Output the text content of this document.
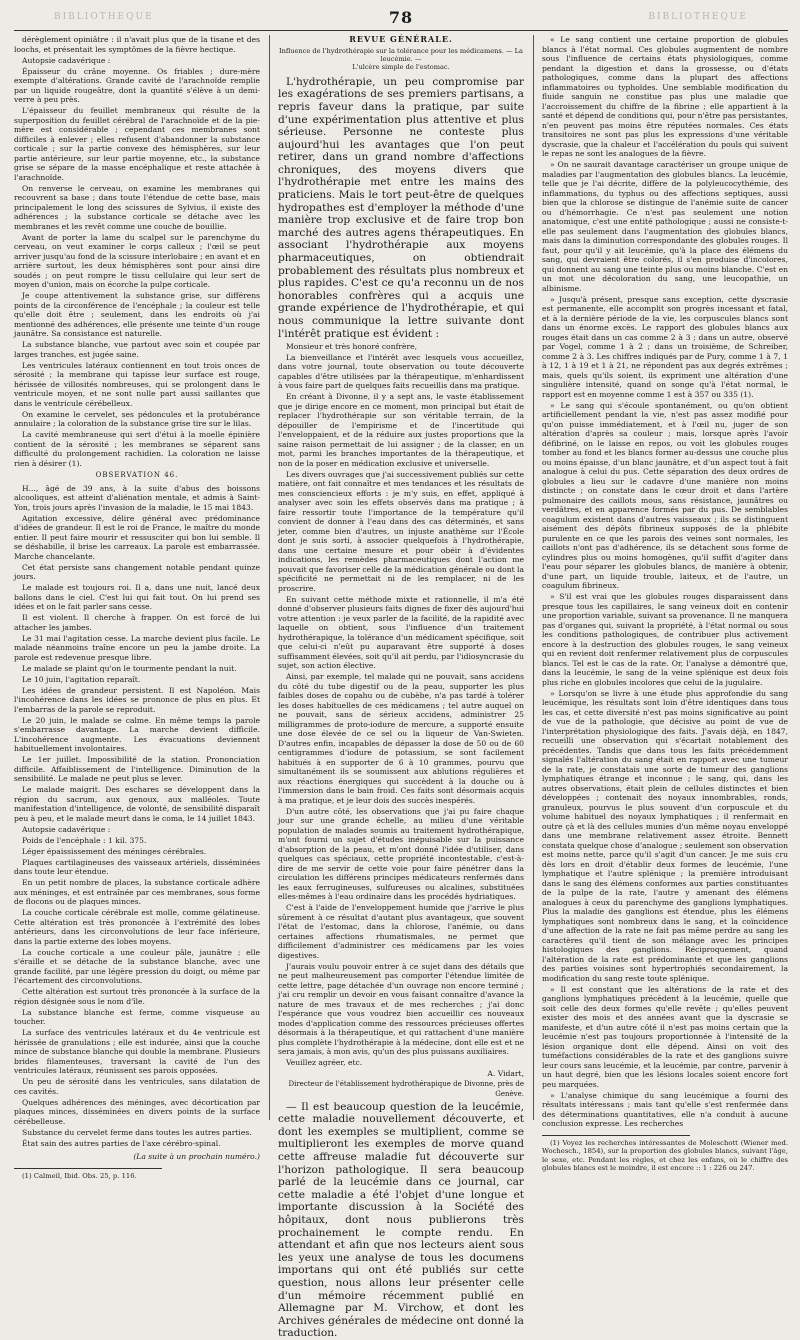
BIBLIOTHEQUE	78	BIBLIOTHEQUE

dérèglement opiniâtre : il n'avait plus que de la tisane et des loochs, et présentait les symptômes de la fièvre hectique.

Autopsie cadavérique :

Épaisseur du crâne moyenne. Os friables ; dure-mère exempte d'altérations. Grande cavité de l'arachnoïde remplie par un liquide rougeâtre, dont la quantité s'élève à un demi-verre à peu près.

L'épaisseur du feuillet membraneux qui résulte de la superposition du feuillet cérébral de l'arachnoïde et de la pie-mère est considérable ; cependant ces membranes sont difficiles à enlever ; elles refusent d'abandonner la substance corticale ; sur la partie convexe des hémisphères, sur leur partie antérieure, sur leur partie moyenne, etc., la substance grise se sépare de la masse encéphalique et reste attachée à l'arachnoïde.

On renverse le cerveau, on examine les membranes qui recouvrent sa base ; dans toute l'étendue de cette base, mais principalement le long des scissures de Sylvius, il existe des adhérences ; la substance corticale se détache avec les membranes et les revêt comme une couche de bouillie.

Avant de porter la lame du scalpel sur le parenchyme du cerveau, on veut examiner le corps calleux ; l'œil se peut arriver jusqu'au fond de la scissure interlobaire ; en avant et en arrière surtout, les deux hémisphères sont pour ainsi dire soudés ; on peut rompre le tissu cellulaire qui leur sert de moyen d'union, mais on écorche la pulpe corticale.

Je coupe attentivement la substance grise, sur différens points de la circonférence de l'encéphale ; la couleur est telle qu'elle doit être ; seulement, dans les endroits où j'ai mentionné des adhérences, elle présente une teinte d'un rouge jaunâtre. Sa consistance est naturelle.

La substance blanche, vue partout avec soin et coupée par larges tranches, est jugée saine.

Les ventricules latéraux contiennent en tout trois onces de sérosité ; la membrane qui tapisse leur surface est rouge, hérissée de villosités nombreuses, qui se prolongent dans le ventricule moyen, et ne sont nulle part aussi saillantes que dans le ventricule cérébelleux.

On examine le cervelet, ses pédoncules et la protubérance annulaire ; la coloration de la substance grise tire sur le lilas.

La cavité membraneuse qui sert d'étui à la moelle épinière contient de la sérosité ; les membranes se séparent sans difficulté du prolongement rachidien. La coloration ne laisse rien à désirer (1).

OBSERVATION 46.

H..., âgé de 39 ans, à la suite d'abus des boissons alcooliques, est atteint d'aliénation mentale, et admis à Saint-Yon, trois jours après l'invasion de la maladie, le 15 mai 1843.

Agitation excessive, délire général avec prédominance d'idées de grandeur. Il est le roi de France, le maître du monde entier. Il peut faire mourir et ressusciter qui bon lui semble. Il se déshabille, il brise les carreaux. La parole est embarrassée. Marche chancelante.

Cet état persiste sans changement notable pendant quinze jours.

Le malade est toujours roi. Il a, dans une nuit, lancé deux ballons dans le ciel. C'est lui qui fait tout. On lui prend ses idées et on le fait parler sans cesse.

Il est violent. Il cherche à frapper. On est forcé de lui attacher les jambes.

Le 31 mai l'agitation cesse. La marche devient plus facile. Le malade néanmoins traîne encore un peu la jambe droite. La parole est redevenue presque libre.

Le malade se plaint qu'on le tourmente pendant la nuit.

Le 10 juin, l'agitation reparaît.

Les idées de grandeur persistent. Il est Napoléon. Mais l'incohérence dans les idées se prononce de plus en plus. Et l'embarras de la parole se reproduit.

Le 20 juin, le malade se calme. En même temps la parole s'embarrasse davantage. La marche devient difficile. L'incohérence augmente. Les évacuations deviennent habituellement involontaires.

Le 1er juillet. Impossibilité de la station. Prononciation difficile. Affaiblissement de l'intelligence. Diminution de la sensibilité. Le malade ne peut plus se lever.

Le malade maigrit. Des eschares se développent dans la région du sacrum, aux genoux, aux malléoles. Toute manifestation d'intelligence, de volonté, de sensibilité disparaît peu à peu, et le malade meurt dans le coma, le 14 juillet 1843.

Autopsie cadavérique :

Poids de l'encéphale : 1 kil. 375.

Léger épaississement des méninges cérébrales.

Plaques cartilagineuses des vaisseaux artériels, disséminées dans toute leur étendue.

En un petit nombre de places, la substance corticale adhère aux méninges, et est entraînée par ces membranes, sous forme de flocons ou de plaques minces.

La couche corticale cérébrale est molle, comme gélatineuse. Cette altération est très prononcée à l'extrémité des lobes antérieurs, dans les circonvolutions de leur face inférieure, dans la partie externe des lobes moyens.

La couche corticale a une couleur pâle, jaunâtre ; elle s'éraille et se détache de la substance blanche, avec une grande facilité, par une légère pression du doigt, ou même par l'écartement des circonvolutions.

Cette altération est surtout très prononcée à la surface de la région désignée sous le nom d'île.

La substance blanche est ferme, comme visqueuse au toucher.

La surface des ventricules latéraux et du 4e ventricule est hérissée de granulations ; elle est indurée, ainsi que la couche mince de substance blanche qui double la membrane. Plusieurs brides filamenteuses, traversant la cavité de l'un des ventricules latéraux, réunissent ses parois opposées.

Un peu de sérosité dans les ventricules, sans dilatation de ces cavités.

Quelques adhérences des méninges, avec décortication par plaques minces, disséminées en divers points de la surface cérébelleuse.

Substance du cervelet ferme dans toutes les autres parties.

État sain des autres parties de l'axe cérébro-spinal.

(La suite à un prochain numéro.)

(1) Calmeil, Ibid. Obs. 25, p. 116.

REVUE GÉNÉRALE.
Influence de l'hydrothérapie sur la tolérance pour les médicamens. — La leucémie. —
L'ulcère simple de l'estomac.

L'hydrothérapie, un peu compromise par les exagérations de ses premiers partisans, a repris faveur dans la pratique, par suite d'une expérimentation plus attentive et plus sérieuse. Personne ne conteste plus aujourd'hui les avantages que l'on peut retirer, dans un grand nombre d'affections chroniques, des moyens divers que l'hydrothérapie met entre les mains des praticiens. Mais le tort peut-être de quelques hydropathes est d'employer la méthode d'une manière trop exclusive et de faire trop bon marché des autres agens thérapeutiques. En associant l'hydrothérapie aux moyens pharmaceutiques, on obtiendrait probablement des résultats plus nombreux et plus rapides. C'est ce qu'a reconnu un de nos honorables confrères qui a acquis une grande expérience de l'hydrothérapie, et qui nous communique la lettre suivante dont l'intérêt pratique est évident :

Monsieur et très honoré confrère,

La bienveillance et l'intérêt avec lesquels vous accueillez, dans votre journal, toute observation ou toute découverte capables d'être utilisées par la thérapeutique, m'enhardissent à vous faire part de quelques faits recueillis dans ma pratique.

En créant à Divonne, il y a sept ans, le vaste établissement que je dirige encore en ce moment, mon principal but était de replacer l'hydrothérapie sur son véritable terrain, de la dépouiller de l'empirisme et de l'incertitude qui l'enveloppaient, et de la réduire aux justes proportions que la saine raison permettait de lui assigner ; de la classer, en un mot, parmi les branches importantes de la thérapeutique, et non de la poser en médication exclusive et universelle.

Les divers ouvrages que j'ai successivement publiés sur cette matière, ont fait connaître et mes tendances et les résultats de mes consciencieux efforts : je m'y suis, en effet, appliqué à analyser avec soin les effets observés dans ma pratique ; à faire ressortir toute l'importance de la température qu'il convient de donner à l'eau dans des cas déterminés, et sans jeter, comme bien d'autres, un injuste anathème sur l'École dont je suis sorti, à associer quelquefois à l'hydrothérapie, dans une certaine mesure et pour obéir à d'évidentes indications, les remèdes pharmaceutiques dont l'action me pouvait que favoriser celle de la médication générale ou dont la spécificité ne permettait ni de les remplacer, ni de les proscrire.

En suivant cette méthode mixte et rationnelle, il m'a été donné d'observer plusieurs faits dignes de fixer dès aujourd'hui votre attention : je veux parler de la facilité, de la rapidité avec laquelle on obtient, sous l'influence d'un traitement hydrothérapique, la tolérance d'un médicament spécifique, soit que celui-ci n'eût pu auparavant être supporté à doses suffisamment élevées, soit qu'il ait perdu, par l'idiosyncrasie du sujet, son action élective.

Ainsi, par exemple, tel malade qui ne pouvait, sans accidens du côté du tube digestif ou de la peau, supporter les plus faibles doses de copahu ou de cubèbe, n'a pas tardé à tolérer les doses habituelles de ces médicamens ; tel autre auquel on ne pouvait, sans de sérieux accidens, administrer 25 milligrammes de proto-iodure de mercure, a supporté ensuite une dose élevée de ce sel ou la liqueur de Van-Swieten. D'autres enfin, incapables de dépasser la dose de 50 ou de 60 centigrammes d'iodure de potassium, se sont facilement habitués à en supporter de 6 à 10 grammes, pourvu que simultanément ils se soumissent aux ablutions régulières et aux réactions énergiques qui succèdent à la douche ou à l'immersion dans le bain froid. Ces faits sont désormais acquis à ma pratique, et je leur dois des succès inespérés.

D'un autre côté, les observations que j'ai pu faire chaque jour sur une grande échelle, au milieu d'une véritable population de malades soumis au traitement hydrothérapique, m'ont fourni un sujet d'études inépuisable sur la puissance d'absorption de la peau, et m'ont donné l'idée d'utiliser, dans quelques cas spéciaux, cette propriété incontestable, c'est-à-dire de me servir de cette voie pour faire pénétrer dans la circulation les différens principes médicateurs renfermés dans les eaux ferrugineuses, sulfureuses ou alcalines, substituées elles-mêmes à l'eau ordinaire dans les procédés hydriatiques.

C'est à l'aide de l'enveloppement humide que j'arrive le plus sûrement à ce résultat d'autant plus avantageux, que souvent l'état de l'estomac, dans la chlorose, l'anémie, ou dans certaines affections rhumatismales, ne permet que difficilement d'administrer ces médicamens par les voies digestives.

J'aurais voulu pouvoir entrer à ce sujet dans des détails que ne peut malheureusement pas comporter l'étendue limitée de cette lettre, page détachée d'un ouvrage non encore terminé ; j'ai cru remplir un devoir en vous faisant connaître d'avance la nature de mes travaux et de mes recherches ; j'ai donc l'espérance que vous voudrez bien accueillir ces nouveaux modes d'application comme des ressources précieuses offertes désormais à la thérapeutique, et qui rattachent d'une manière plus complète l'hydrothérapie à la médecine, dont elle est et ne sera jamais, à mon avis, qu'un des plus puissans auxiliaires.

Veuillez agréer, etc.

A. Vidart,

Directeur de l'établissement hydrothérapique de Divonne, près de Genève.

— Il est beaucoup question de la leucémie, cette maladie nouvellement découverte, et dont les exemples se multiplient, comme se multiplieront les exemples de morve quand cette affreuse maladie fut découverte sur l'horizon pathologique. Il sera beaucoup parlé de la leucémie dans ce journal, car cette maladie a été l'objet d'une longue et importante discussion à la Société des hôpitaux, dont nous publierons très prochainement le compte rendu. En attendant et afin que nos lecteurs aient sous les yeux une analyse de tous les documens importans qui ont été publiés sur cette question, nous allons leur présenter celle d'un mémoire récemment publié en Allemagne par M. Virchow, et dont les Archives générales de médecine ont donné la traduction.

« Le sang contient une certaine proportion de globules blancs à l'état normal. Ces globules augmentent de nombre sous l'influence de certains états physiologiques, comme pendant la digestion et dans la grossesse, ou d'états pathologiques, comme dans la plupart des affections inflammatoires ou typhoïdes. Une semblable modification du fluide sanguin ne constitue pas plus une maladie que l'accroissement du chiffre de la fibrine ; elle appartient à la santé et dépend de conditions qui, pour n'être pas persistantes, n'en peuvent pas moins être réputées normales. Ces états transitoires ne sont pas plus les expressions d'une véritable dyscrasie, que la chaleur et l'accélération du pouls qui suivent le repas ne sont les analogues de la fièvre.

» On ne saurait davantage caractériser un groupe unique de maladies par l'augmentation des globules blancs. La leucémie, telle que je l'ai décrite, diffère de la polyleucocythémie, des inflammations, du typhus ou des affections septiques, aussi bien que la chlorose se distingue de l'anémie suite de cancer ou d'hémorrhagie. Ce n'est pas seulement une notion anatomique, c'est une entité pathologique ; aussi ne consiste-t-elle pas seulement dans l'augmentation des globules blancs, mais dans la diminution correspondante des globules rouges. Il faut, pour qu'il y ait leucémie, qu'à la place des élémens du sang, qui devraient être colorés, il s'en produise d'incolores, qui donnent au sang une teinte plus ou moins blanche. C'est en un mot une décoloration du sang, une leucopathie, un albinisme.

» Jusqu'à présent, presque sans exception, cette dyscrasie est permanente, elle accomplit son progrès incessant et fatal, et à la dernière période de la vie, les corpuscules blancs sont dans un énorme excès. Le rapport des globules blancs aux rouges était dans un cas comme 2 à 3 ; dans un autre, observé par Vogel, comme 1 à 2 ; dans un troisième, de Schreiber, comme 2 à 3. Les chiffres indiqués par de Pury, comme 1 à 7, 1 à 12, 1 à 19 et 1 à 21, ne répondent pas aux degrés extrêmes ; mais, quels qu'ils soient, ils expriment une altération d'une singulière intensité, quand on songe qu'à l'état normal, le rapport est en moyenne comme 1 est à 357 ou 335 (1).

» Le sang qui s'écoule spontanément, ou qu'on obtient artificiellement pendant la vie, n'est pas assez modifié pour qu'on puisse immédiatement, et à l'œil nu, juger de son altération d'après sa couleur ; mais, lorsque après l'avoir défibriné, on le laisse en repos, ou voit les globules rouges tomber au fond et les blancs former au-dessus une couche plus ou moins épaisse, d'un blanc jaunâtre, et d'un aspect tout à fait analogue à celui du pus. Cette séparation des deux ordres de globules a lieu sur le cadavre d'une manière non moins distincte ; on constate dans le cœur droit et dans l'artère pulmonaire des caillots mous, sans résistance, jaunâtres ou verdâtres, et en apparence formés par du pus. De semblables coagulum existent dans d'autres vaisseaux ; ils se distinguent aisément des dépôts fibrineux supposés de la phlébite purulente en ce que les parois des veines sont normales, les caillots n'ont pas d'adhérence, ils se détachent sous forme de cylindres plus ou moins homogènes, qu'il suffit d'agiter dans l'eau pour séparer les globules blancs, de manière à obtenir, d'une part, un liquide trouble, laiteux, et de l'autre, un coagulum fibrineux.

» S'il est vrai que les globules rouges disparaissent dans presque tous les capillaires, le sang veineux doit en contenir une proportion variable, suivant sa provenance. Il ne manquera pas d'organes qui, suivant la propriété, à l'état normal ou sous les conditions pathologiques, de contribuer plus activement encore à la destruction des globules rouges, le sang veineux qui en revient doit renfermer relativement plus de corpuscules blancs. Tel est le cas de la rate. Or, l'analyse a démontré que, dans la leucémie, le sang de la veine splénique est deux fois plus riche en globules incolores que celui de la jugulaire.

» Lorsqu'on se livre à une étude plus approfondie du sang leucémique, les résultats sont loin d'être identiques dans tous les cas, et cette diversité n'est pas moins significative au point de vue de la pathologie, que décisive au point de vue de l'interprétation physiologique des faits. J'avais déjà, en 1847, recueilli une observation qui s'écartait notablement des précédentes. Tandis que dans tous les faits précédemment signalés l'altération du sang était en rapport avec une tumeur de la rate, je constatais une sorte de tumeur des ganglions lymphatiques étrange et inconnue ; le sang, qui, dans les autres observations, était plein de cellules distinctes et bien développées ; contenait des noyaux innombrables, ronds, granuleux, pourvus le plus souvent d'un corpuscule et du volume habituel des noyaux lymphatiques ; il renfermait en outre çà et là des cellules munies d'un même noyau enveloppé dans une membrane relativement assez étroite. Bennett constata quelque chose d'analogue ; seulement son observation est moins nette, parce qu'il s'agit d'un cancer. Je me suis cru dès lors en droit d'établir deux formes de leucémie, l'une lymphatique et l'autre splénique ; la première introduisant dans le sang des élémens conformes aux parties constituantes de la pulpe de la rate, l'autre y amenant des élémens analogues à ceux du parenchyme des ganglions lymphatiques. Plus la maladie des ganglions est étendue, plus les élémens lymphatiques sont nombreux dans le sang, et la coïncidence d'une affection de la rate ne fait pas même perdre au sang les caractères qu'il tient de son mélange avec les principes histologiques des ganglions. Réciproquement, quand l'altération de la rate est prédominante et que les ganglions des parties voisines sont hypertrophiés secondairement, la modification du sang reste toute splénique.

» Il est constant que les altérations de la rate et des ganglions lymphatiques précèdent à la leucémie, quelle que soit celle des deux formes qu'elle revête ; qu'elles peuvent exister des mois et des années avant que la dyscrasie se manifeste, et d'un autre côté il n'est pas moins certain que la leucémie n'est pas toujours proportionnée à l'intensité de la lésion organique dont elle dépend. Ainsi on voit des tuméfactions considérables de la rate et des ganglions suivre leur cours sans leucémie, et la leucémie, par contre, parvenir à un haut degré, bien que les lésions locales soient encore fort peu marquées.

» L'analyse chimique du sang leucémique a fourni des résultats intéressans ; mais tant qu'elle s'est renfermée dans des déterminations quantitatives, elle n'a conduit à aucune conclusion expresse. Les recherches

(1) Voyez les recherches intéressantes de Moleschott (Wiener med. Wochesch., 1854), sur la proportion des globules blancs, suivant l'âge, le sexe, etc. Pendant les règles, et chez les enfans, où le chiffre des globules blancs est le moindre, il est encore :: 1 : 226 ou 247.
